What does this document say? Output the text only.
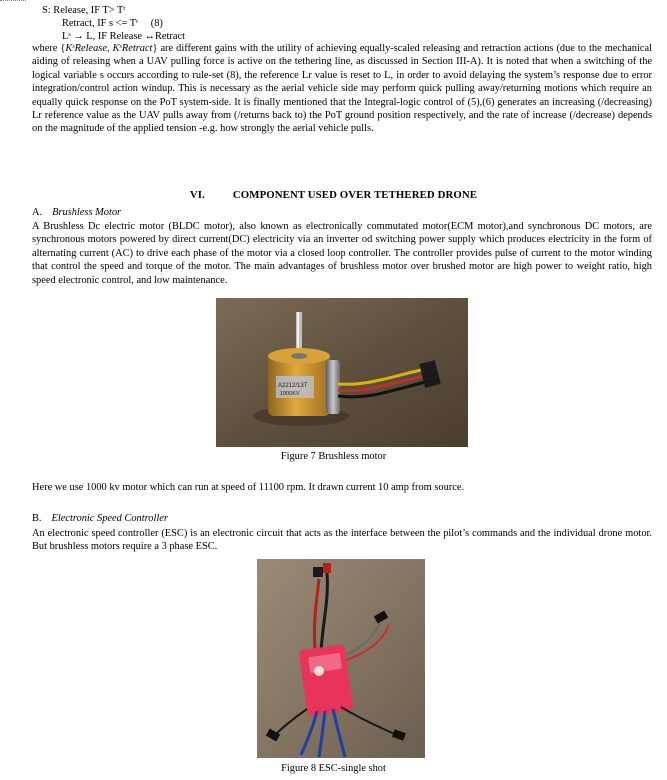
S: Release, IF $T> T^r$
Retract, IF $s <= T^r$ (8)
$L^s \to L$, IF Release ↔Retract

where {$K^sRelease$, $K^sRetract$} are different gains with the utility of achieving equally-scaled releasing and retraction actions (due to the mechanical aiding of releasing when a UAV pulling force is active on the tethering line, as discussed in Section III-A). It is noted that when a switching of the logical variable s occurs according to rule-set (8), the reference Lr value is reset to L, in order to avoid delaying the system’s response due to error integration/control action windup. This is necessary as the aerial vehicle side may perform quick pulling away/returning motions which require an equally quick response on the PoT system-side. It is finally mentioned that the Integral-logic control of (5),(6) generates an increasing (/decreasing) Lr reference value as the UAV pulls away from (/returns back to) the PoT ground position respectively, and the rate of increase (/decrease) depends on the magnitude of the applied tension -e.g. how strongly the aerial vehicle pulls.

VI.	COMPONENT USED OVER TETHERED DRONE
A. Brushless Motor

A Brushless Dc electric motor (BLDC motor), also known as electronically commutated motor(ECM motor),and synchronous DC motors, are synchronous motors powered by direct current(DC) electricity via an inverter od switching power supply which produces electricity in the form of alternating current (AC) to drive each phase of the motor via a closed loop controller. The controller provides pulse of current to the motor winding that control the speed and torque of the motor. The main advantages of brushless motor over brushed motor are high power to weight ratio, high speed electronic control, and low maintenance.

A2212/13T
1000KV
Figure 7 Brushless motor
Here we use 1000 kv motor which can run at speed of 11100 rpm. It drawn current 10 amp from source.
B. Electronic Speed Controller

An electronic speed controller (ESC) is an electronic circuit that acts as the interface between the pilot’s commands and the individual drone motor. But brushless motors require a 3 phase ESC.

Figure 8 ESC-single shot
